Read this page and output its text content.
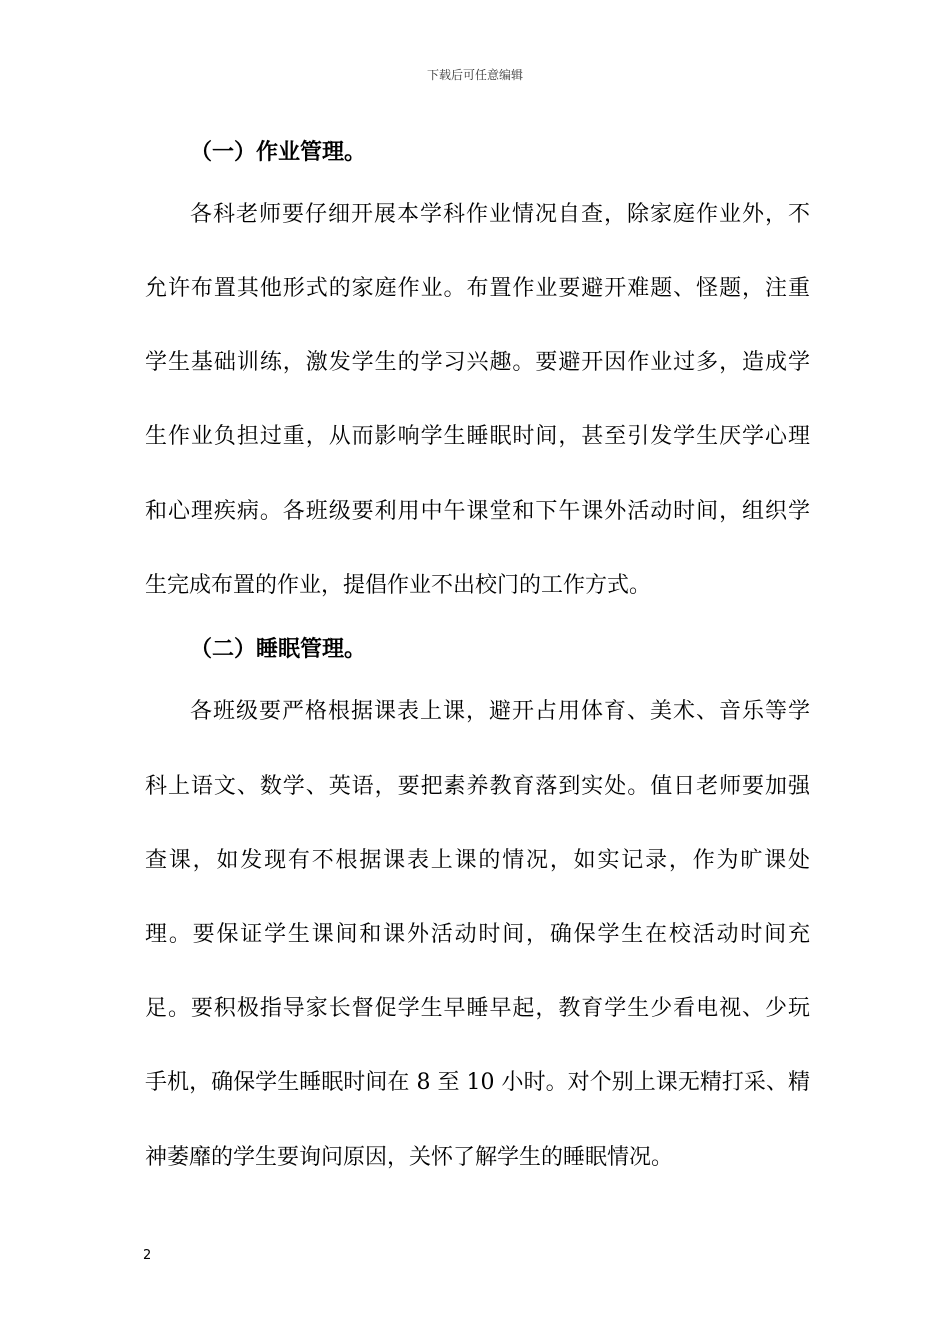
下载后可任意编辑
（一）作业管理。
各科老师要仔细开展本学科作业情况自查，除家庭作业外，不
允许布置其他形式的家庭作业。布置作业要避开难题、怪题，注重
学生基础训练，激发学生的学习兴趣。要避开因作业过多，造成学
生作业负担过重，从而影响学生睡眠时间，甚至引发学生厌学心理
和心理疾病。各班级要利用中午课堂和下午课外活动时间，组织学
生完成布置的作业，提倡作业不出校门的工作方式。
（二）睡眠管理。
各班级要严格根据课表上课，避开占用体育、美术、音乐等学
科上语文、数学、英语，要把素养教育落到实处。值日老师要加强
查课，如发现有不根据课表上课的情况，如实记录，作为旷课处
理。要保证学生课间和课外活动时间，确保学生在校活动时间充
足。要积极指导家长督促学生早睡早起，教育学生少看电视、少玩
手机，确保学生睡眠时间在 8 至 10 小时。对个别上课无精打采、精
神萎靡的学生要询问原因，关怀了解学生的睡眠情况。
2
